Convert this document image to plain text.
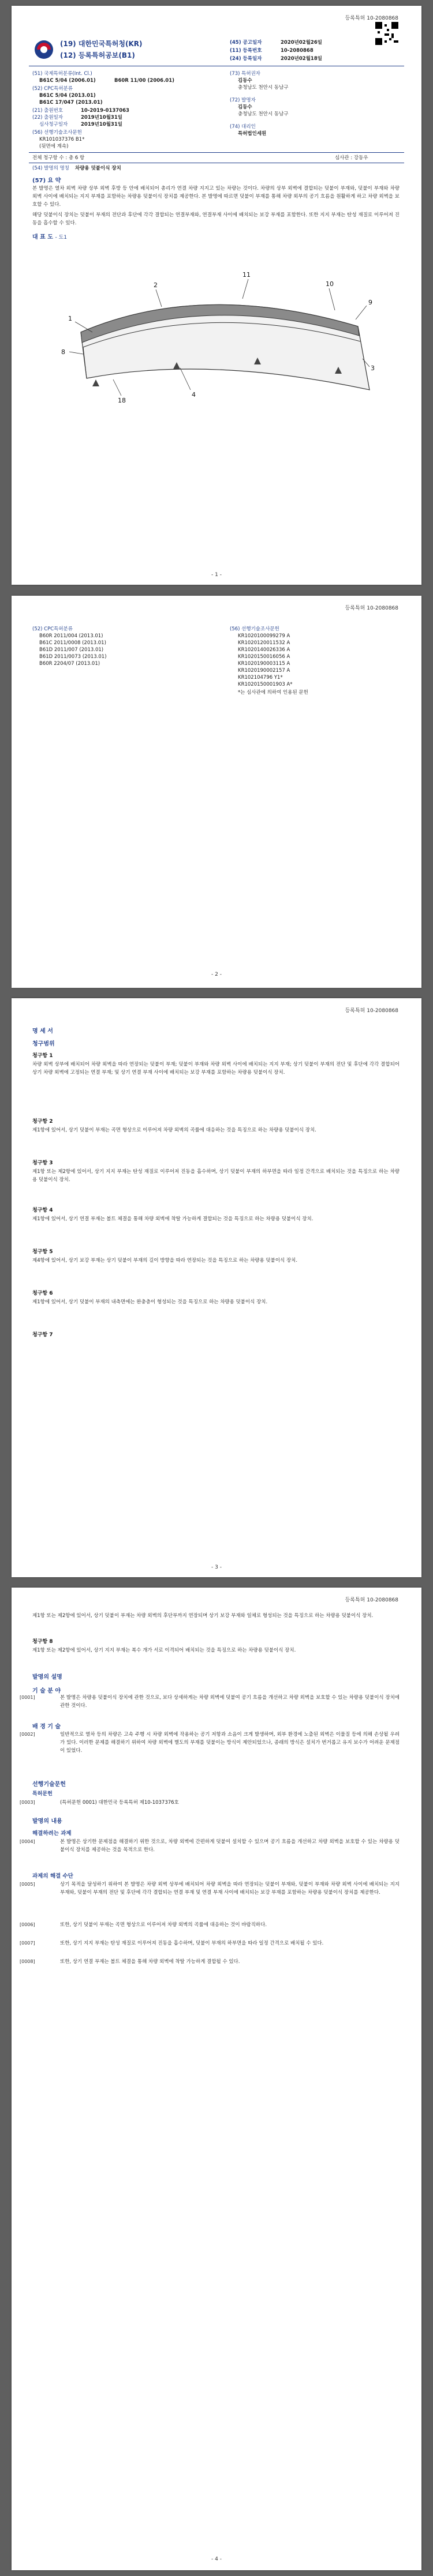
등록특허 10-2080868
(19) 대한민국특허청(KR)
(12) 등록특허공보(B1)
(45) 공고일자	2020년02월26일
(11) 등록번호	10-2080868
(24) 등록일자	2020년02월18일
(51) 국제특허분류(Int. Cl.)
B61C 5/04 (2006.01)	B60R 11/00 (2006.01)
(52) CPC특허분류
B61C 5/04 (2013.01)
B61C 17/047 (2013.01)
(21) 출원번호	10-2019-0137063
(22) 출원일자	2019년10월31일
심사청구일자	2019년10월31일
(56) 선행기술조사문헌
KR101037376 B1*
(뒷면에 계속)
(73) 특허권자
김동수
충청남도 천안시 동남구
(72) 발명자
김동수
충청남도 천안시 동남구
(74) 대리인
특허법인세원
전체 청구항 수 : 총 6 항	심사관 : 강동우
(54) 발명의 명칭 차량용 덧붙이식 장치
(57) 요 약
본 발명은 열차 외벽 차량 상부 외벽 후방 등 안에 배치되어 총리가 연결 차량 지지고 있는 차량는 것이다. 차량의 상부 외벽에 결합되는 덧붙이 부재와, 덧붙이 부재와 차량 외벽 사이에 배치되는 지지 부재를 포함하는 차량용 덧붙이식 장치를 제공한다. 본 발명에 따르면 덧붙이 부재를 통해 차량 외부의 공기 흐름을 원활하게 하고 차량 외벽을 보호할 수 있다.
해당 덧붙이식 장치는 덧붙이 부재의 전단과 후단에 각각 결합되는 연결부재와, 연결부재 사이에 배치되는 보강 부재를 포함한다. 또한 지지 부재는 탄성 재질로 이루어져 진동을 흡수할 수 있다.
대 표 도 - 도1
1
2
11
10
9
8
3
4
18
- 1 -
등록특허 10-2080868
(52) CPC특허분류
B60R 2011/004 (2013.01)
B61C 2011/0008 (2013.01)
B61D 2011/007 (2013.01)
B61D 2011/0073 (2013.01)
B60R 2204/07 (2013.01)
(56) 선행기술조사문헌
KR1020100099279 A
KR1020120011532 A
KR1020140026336 A
KR1020150016056 A
KR1020190003115 A
KR1020190002157 A
KR102104796 Y1*
KR1020150001903 A*
*는 심사관에 의하여 인용된 문헌
- 2 -
등록특허 10-2080868
명 세 서
청구범위
청구항 1
차량 외벽 상부에 배치되어 차량 외벽을 따라 연장되는 덧붙이 부재; 덧붙이 부재와 차량 외벽 사이에 배치되는 지지 부재; 상기 덧붙이 부재의 전단 및 후단에 각각 결합되어 상기 차량 외벽에 고정되는 연결 부재; 및 상기 연결 부재 사이에 배치되는 보강 부재를 포함하는 차량용 덧붙이식 장치.
청구항 2
제1항에 있어서, 상기 덧붙이 부재는 곡면 형상으로 이루어져 차량 외벽의 곡률에 대응하는 것을 특징으로 하는 차량용 덧붙이식 장치.
청구항 3
제1항 또는 제2항에 있어서, 상기 지지 부재는 탄성 재질로 이루어져 진동을 흡수하며, 상기 덧붙이 부재의 하부면을 따라 일정 간격으로 배치되는 것을 특징으로 하는 차량용 덧붙이식 장치.
청구항 4
제1항에 있어서, 상기 연결 부재는 볼트 체결을 통해 차량 외벽에 착탈 가능하게 결합되는 것을 특징으로 하는 차량용 덧붙이식 장치.
청구항 5
제4항에 있어서, 상기 보강 부재는 상기 덧붙이 부재의 길이 방향을 따라 연장되는 것을 특징으로 하는 차량용 덧붙이식 장치.
청구항 6
제1항에 있어서, 상기 덧붙이 부재의 내측면에는 완충층이 형성되는 것을 특징으로 하는 차량용 덧붙이식 장치.
청구항 7
- 3 -
등록특허 10-2080868
제1항 또는 제2항에 있어서, 상기 덧붙이 부재는 차량 외벽의 후단부까지 연장되며 상기 보강 부재와 일체로 형성되는 것을 특징으로 하는 차량용 덧붙이식 장치.
청구항 8
제1항 또는 제2항에 있어서, 상기 지지 부재는 복수 개가 서로 이격되어 배치되는 것을 특징으로 하는 차량용 덧붙이식 장치.
발명의 설명
기 술 분 야
[0001]	본 발명은 차량용 덧붙이식 장치에 관한 것으로, 보다 상세하게는 차량 외벽에 덧붙여 공기 흐름을 개선하고 차량 외벽을 보호할 수 있는 차량용 덧붙이식 장치에 관한 것이다.
배 경 기 술
[0002]	일반적으로 열차 등의 차량은 고속 주행 시 차량 외벽에 작용하는 공기 저항과 소음이 크게 발생하며, 외부 환경에 노출된 외벽은 이물질 등에 의해 손상될 우려가 있다. 이러한 문제를 해결하기 위하여 차량 외벽에 별도의 부재를 덧붙이는 방식이 제안되었으나, 종래의 방식은 설치가 번거롭고 유지 보수가 어려운 문제점이 있었다.
선행기술문헌
특허문헌
[0003]	(특허문헌 0001) 대한민국 등록특허 제10-1037376호
발명의 내용
해결하려는 과제
[0004]	본 발명은 상기한 문제점을 해결하기 위한 것으로, 차량 외벽에 간편하게 덧붙여 설치할 수 있으며 공기 흐름을 개선하고 차량 외벽을 보호할 수 있는 차량용 덧붙이식 장치를 제공하는 것을 목적으로 한다.
과제의 해결 수단
[0005]	상기 목적을 달성하기 위하여 본 발명은 차량 외벽 상부에 배치되어 차량 외벽을 따라 연장되는 덧붙이 부재와, 덧붙이 부재와 차량 외벽 사이에 배치되는 지지 부재와, 덧붙이 부재의 전단 및 후단에 각각 결합되는 연결 부재 및 연결 부재 사이에 배치되는 보강 부재를 포함하는 차량용 덧붙이식 장치를 제공한다.
[0006]	또한, 상기 덧붙이 부재는 곡면 형상으로 이루어져 차량 외벽의 곡률에 대응하는 것이 바람직하다.
[0007]	또한, 상기 지지 부재는 탄성 재질로 이루어져 진동을 흡수하며, 덧붙이 부재의 하부면을 따라 일정 간격으로 배치될 수 있다.
[0008]	또한, 상기 연결 부재는 볼트 체결을 통해 차량 외벽에 착탈 가능하게 결합될 수 있다.
- 4 -
